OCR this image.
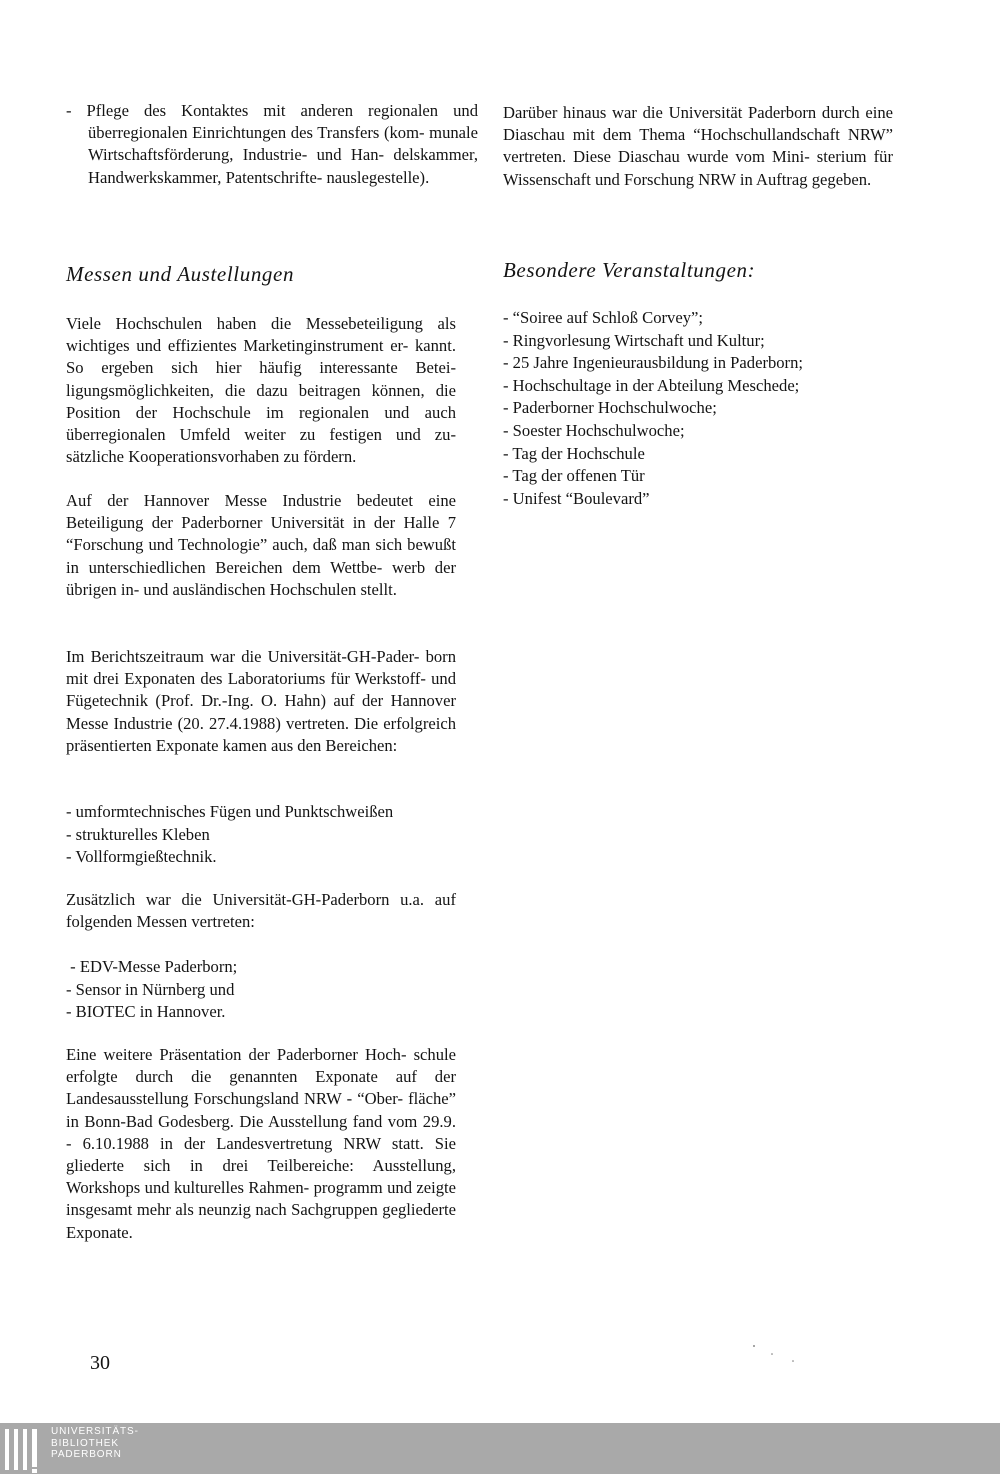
- Pflege des Kontaktes mit anderen regionalen und überregionalen Einrichtungen des Transfers (kom- munale Wirtschaftsförderung, Industrie- und Han- delskammer, Handwerkskammer, Patentschrifte- nauslegestelle).

Messen und Austellungen

Viele Hochschulen haben die Messebeteiligung als wichtiges und effizientes Marketinginstrument er- kannt. So ergeben sich hier häufig interessante Betei- ligungsmöglichkeiten, die dazu beitragen können, die Position der Hochschule im regionalen und auch überregionalen Umfeld weiter zu festigen und zu- sätzliche Kooperationsvorhaben zu fördern.

Auf der Hannover Messe Industrie bedeutet eine Beteiligung der Paderborner Universität in der Halle 7 “Forschung und Technologie” auch, daß man sich bewußt in unterschiedlichen Bereichen dem Wettbe- werb der übrigen in- und ausländischen Hochschulen stellt.

Im Berichtszeitraum war die Universität-GH-Pader- born mit drei Exponaten des Laboratoriums für Werkstoff- und Fügetechnik (Prof. Dr.-Ing. O. Hahn) auf der Hannover Messe Industrie (20. 27.4.1988) vertreten. Die erfolgreich präsentierten Exponate kamen aus den Bereichen:

- umformtechnisches Fügen und Punktschweißen
- strukturelles Kleben
- Vollformgießtechnik.

Zusätzlich war die Universität-GH-Paderborn u.a. auf folgenden Messen vertreten:

- EDV-Messe Paderborn;
- Sensor in Nürnberg und
- BIOTEC in Hannover.

Eine weitere Präsentation der Paderborner Hoch- schule erfolgte durch die genannten Exponate auf der Landesausstellung Forschungsland NRW - “Ober- fläche” in Bonn-Bad Godesberg. Die Ausstellung fand vom 29.9. - 6.10.1988 in der Landesvertretung NRW statt. Sie gliederte sich in drei Teilbereiche: Ausstellung, Workshops und kulturelles Rahmen- programm und zeigte insgesamt mehr als neunzig nach Sachgruppen gegliederte Exponate.

Darüber hinaus war die Universität Paderborn durch eine Diaschau mit dem Thema “Hochschullandschaft NRW” vertreten. Diese Diaschau wurde vom Mini- sterium für Wissenschaft und Forschung NRW in Auftrag gegeben.

Besondere Veranstaltungen:
- “Soiree auf Schloß Corvey”;
- Ringvorlesung Wirtschaft und Kultur;
- 25 Jahre Ingenieurausbildung in Paderborn;
- Hochschultage in der Abteilung Meschede;
- Paderborner Hochschulwoche;
- Soester Hochschulwoche;
- Tag der Hochschule
- Tag der offenen Tür
- Unifest “Boulevard”
30

UNIVERSITÄTS-
BIBLIOTHEK
PADERBORN
